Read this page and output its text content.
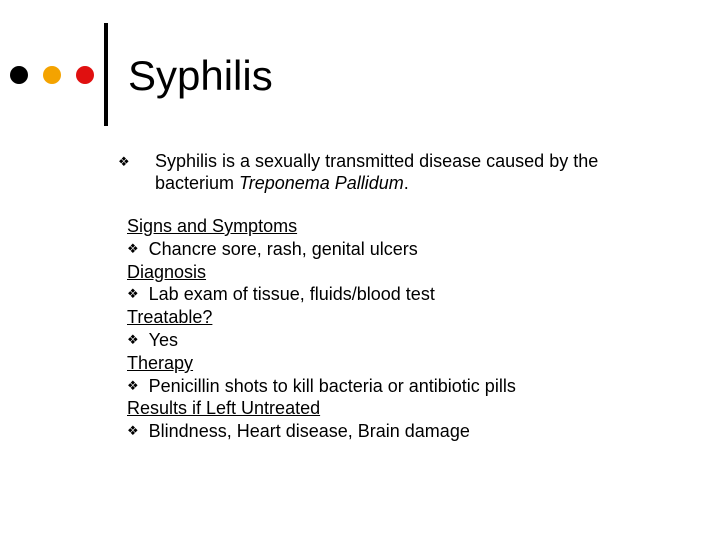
Syphilis
❖ Syphilis is a sexually transmitted disease caused by the bacterium Treponema Pallidum.
Signs and Symptoms
❖ Chancre sore, rash, genital ulcers
Diagnosis
❖ Lab exam of tissue, fluids/blood test
Treatable?
❖ Yes
Therapy
❖ Penicillin shots to kill bacteria or antibiotic pills
Results if Left Untreated
❖ Blindness, Heart disease, Brain damage
